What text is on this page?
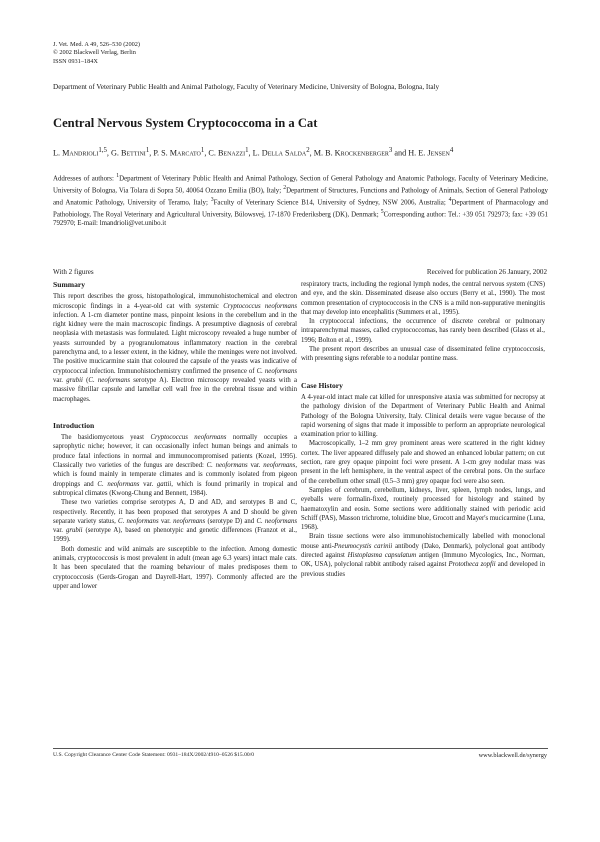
J. Vet. Med. A 49, 526–530 (2002)
© 2002 Blackwell Verlag, Berlin
ISSN 0931–184X
Department of Veterinary Public Health and Animal Pathology, Faculty of Veterinary Medicine, University of Bologna, Bologna, Italy
Central Nervous System Cryptococcoma in a Cat
L. Mandrioli$^{1,5}$, G. Bettini$^1$, P. S. Marcato$^1$, C. Benazzi$^1$, L. Della Salda$^2$, M. B. Krockenberger$^3$ and H. E. Jensen$^4$
Addresses of authors: $^1$Department of Veterinary Public Health and Animal Pathology, Section of General Pathology and Anatomic Pathology, Faculty of Veterinary Medicine, University of Bologna, Via Tolara di Sopra 50, 40064 Ozzano Emilia (BO), Italy; $^2$Department of Structures, Functions and Pathology of Animals, Section of General Pathology and Anatomic Pathology, University of Teramo, Italy; $^3$Faculty of Veterinary Science B14, University of Sydney, NSW 2006, Australia; $^4$Department of Pharmacology and Pathobiology, The Royal Veterinary and Agricultural University, Bülowsvej, 17-1870 Frederiksberg (DK), Denmark; $^5$Corresponding author: Tel.: +39 051 792973; fax: +39 051 792970; E-mail: lmandrioli@vet.unibo.it
With 2 figures	Received for publication 26 January, 2002
Summary
This report describes the gross, histopathological, immunohistochemical and electron microscopic findings in a 4-year-old cat with systemic Cryptococcus neoformans infection. A 1-cm diameter pontine mass, pinpoint lesions in the cerebellum and in the right kidney were the main macroscopic findings. A presumptive diagnosis of cerebral neoplasia with metastasis was formulated. Light microscopy revealed a huge number of yeasts surrounded by a pyogranulomatous inflammatory reaction in the cerebral parenchyma and, to a lesser extent, in the kidney, while the meninges were not involved. The positive mucicarmine stain that coloured the capsule of the yeasts was indicative of cryptococcal infection. Immunohistochemistry confirmed the presence of C. neoformans var. grubii (C. neoformans serotype A). Electron microscopy revealed yeasts with a massive fibrillar capsule and lamellar cell wall free in the cerebral tissue and within macrophages.
Introduction
The basidiomycetous yeast Cryptococcus neoformans normally occupies a saprophytic niche; however, it can occasionally infect human beings and animals to produce fatal infections in normal and immunocompromised patients (Kozel, 1995). Classically two varieties of the fungus are described: C. neoformans var. neoformans, which is found mainly in temperate climates and is commonly isolated from pigeon droppings and C. neoformans var. gattii, which is found primarily in tropical and subtropical climates (Kwong-Chung and Bennett, 1984).
These two varieties comprise serotypes A, D and AD, and serotypes B and C, respectively. Recently, it has been proposed that serotypes A and D should be given separate variety status, C. neoformans var. neoformans (serotype D) and C. neoformans var. grubii (serotype A), based on phenotypic and genetic differences (Franzot et al., 1999).
Both domestic and wild animals are susceptible to the infection. Among domestic animals, cryptococcosis is most prevalent in adult (mean age 6.3 years) intact male cats. It has been speculated that the roaming behaviour of males predisposes them to cryptococcosis (Gerds-Grogan and Dayrell-Hart, 1997). Commonly affected are the upper and lower
respiratory tracts, including the regional lymph nodes, the central nervous system (CNS) and eye, and the skin. Disseminated disease also occurs (Berry et al., 1990). The most common presentation of cryptococcosis in the CNS is a mild non-suppurative meningitis that may develop into encephalitis (Summers et al., 1995).
In cryptococcal infections, the occurrence of discrete cerebral or pulmonary intraparenchymal masses, called cryptococcomas, has rarely been described (Glass et al., 1996; Bolton et al., 1999).
The present report describes an unusual case of disseminated feline cryptococcosis, with presenting signs referable to a nodular pontine mass.
Case History
A 4-year-old intact male cat killed for unresponsive ataxia was submitted for necropsy at the pathology division of the Department of Veterinary Public Health and Animal Pathology of the Bologna University, Italy. Clinical details were vague because of the rapid worsening of signs that made it impossible to perform an appropriate neurological examination prior to killing.
Macroscopically, 1–2 mm grey prominent areas were scattered in the right kidney cortex. The liver appeared diffusely pale and showed an enhanced lobular pattern; on cut section, rare grey opaque pinpoint foci were present. A 1-cm grey nodular mass was present in the left hemisphere, in the ventral aspect of the cerebral pons. On the surface of the cerebellum other small (0.5–3 mm) grey opaque foci were also seen.
Samples of cerebrum, cerebellum, kidneys, liver, spleen, lymph nodes, lungs, and eyeballs were formalin-fixed, routinely processed for histology and stained by haematoxylin and eosin. Some sections were additionally stained with periodic acid Schiff (PAS), Masson trichrome, toluidine blue, Grocott and Mayer's mucicarmine (Luna, 1968).
Brain tissue sections were also immunohistochemically labelled with monoclonal mouse anti-Pneumocystis carinii antibody (Dako, Denmark), polyclonal goat antibody directed against Histoplasma capsulatum antigen (Immuno Mycologics, Inc., Norman, OK, USA), polyclonal rabbit antibody raised against Prototheca zopfii and developed in previous studies
U.S. Copyright Clearance Center Code Statement: 0931–184X/2002/4910–0526 $15.00/0	www.blackwell.de/synergy
